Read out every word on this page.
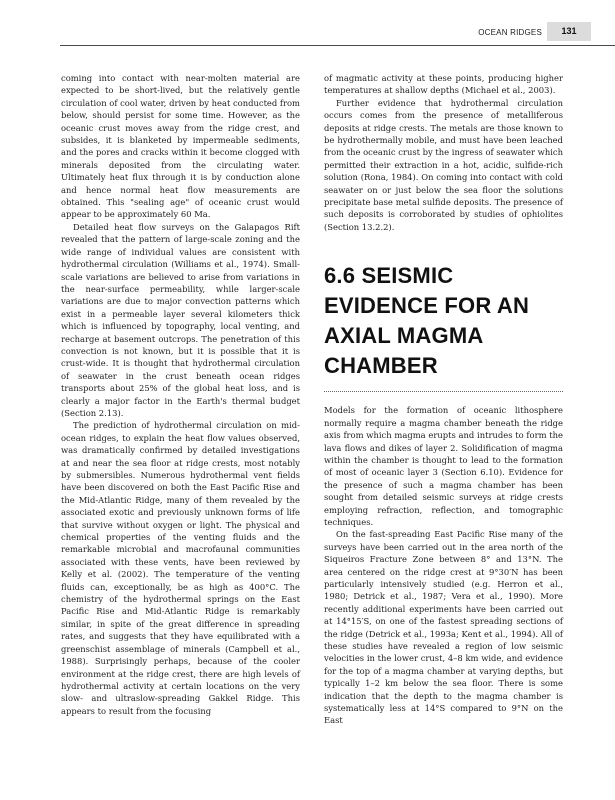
OCEAN RIDGES	131

coming into contact with near-molten material are expected to be short-lived, but the relatively gentle circulation of cool water, driven by heat conducted from below, should persist for some time. However, as the oceanic crust moves away from the ridge crest, and subsides, it is blanketed by impermeable sediments, and the pores and cracks within it become clogged with minerals deposited from the circulating water. Ultimately heat flux through it is by conduction alone and hence normal heat flow measurements are obtained. This "sealing age" of oceanic crust would appear to be approximately 60 Ma.

Detailed heat flow surveys on the Galapagos Rift revealed that the pattern of large-scale zoning and the wide range of individual values are consistent with hydrothermal circulation (Williams et al., 1974). Small-scale variations are believed to arise from variations in the near-surface permeability, while larger-scale variations are due to major convection patterns which exist in a permeable layer several kilometers thick which is influenced by topography, local venting, and recharge at basement outcrops. The penetration of this convection is not known, but it is possible that it is crust-wide. It is thought that hydrothermal circulation of seawater in the crust beneath ocean ridges transports about 25% of the global heat loss, and is clearly a major factor in the Earth's thermal budget (Section 2.13).

The prediction of hydrothermal circulation on mid-ocean ridges, to explain the heat flow values observed, was dramatically confirmed by detailed investigations at and near the sea floor at ridge crests, most notably by submersibles. Numerous hydrothermal vent fields have been discovered on both the East Pacific Rise and the Mid-Atlantic Ridge, many of them revealed by the associated exotic and previously unknown forms of life that survive without oxygen or light. The physical and chemical properties of the venting fluids and the remarkable microbial and macrofaunal communities associated with these vents, have been reviewed by Kelly et al. (2002). The temperature of the venting fluids can, exceptionally, be as high as 400°C. The chemistry of the hydrothermal springs on the East Pacific Rise and Mid-Atlantic Ridge is remarkably similar, in spite of the great difference in spreading rates, and suggests that they have equilibrated with a greenschist assemblage of minerals (Campbell et al., 1988). Surprisingly perhaps, because of the cooler environment at the ridge crest, there are high levels of hydrothermal activity at certain locations on the very slow- and ultraslow-spreading Gakkel Ridge. This appears to result from the focusing

of magmatic activity at these points, producing higher temperatures at shallow depths (Michael et al., 2003).

Further evidence that hydrothermal circulation occurs comes from the presence of metalliferous deposits at ridge crests. The metals are those known to be hydrothermally mobile, and must have been leached from the oceanic crust by the ingress of seawater which permitted their extraction in a hot, acidic, sulfide-rich solution (Rona, 1984). On coming into contact with cold seawater on or just below the sea floor the solutions precipitate base metal sulfide deposits. The presence of such deposits is corroborated by studies of ophiolites (Section 13.2.2).

6.6 SEISMIC EVIDENCE FOR AN AXIAL MAGMA CHAMBER

Models for the formation of oceanic lithosphere normally require a magma chamber beneath the ridge axis from which magma erupts and intrudes to form the lava flows and dikes of layer 2. Solidification of magma within the chamber is thought to lead to the formation of most of oceanic layer 3 (Section 6.10). Evidence for the presence of such a magma chamber has been sought from detailed seismic surveys at ridge crests employing refraction, reflection, and tomographic techniques.

On the fast-spreading East Pacific Rise many of the surveys have been carried out in the area north of the Siqueiros Fracture Zone between 8° and 13°N. The area centered on the ridge crest at 9°30′N has been particularly intensively studied (e.g. Herron et al., 1980; Detrick et al., 1987; Vera et al., 1990). More recently additional experiments have been carried out at 14°15′S, on one of the fastest spreading sections of the ridge (Detrick et al., 1993a; Kent et al., 1994). All of these studies have revealed a region of low seismic velocities in the lower crust, 4–8 km wide, and evidence for the top of a magma chamber at varying depths, but typically 1–2 km below the sea floor. There is some indication that the depth to the magma chamber is systematically less at 14°S compared to 9°N on the East
